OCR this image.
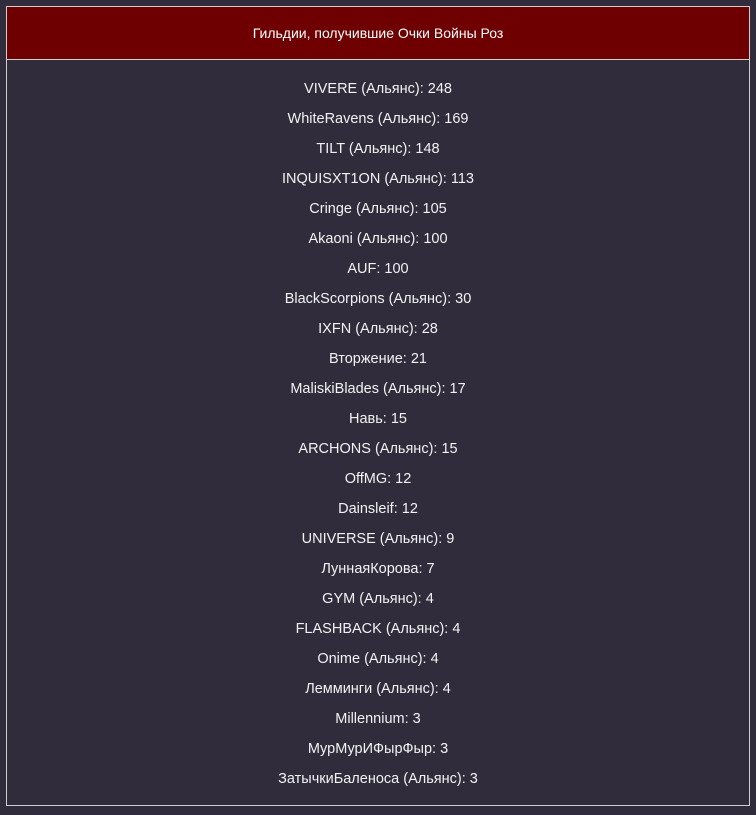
Гильдии, получившие Очки Войны Роз
VIVERE (Альянс): 248
WhiteRavens (Альянс): 169
TILT (Альянс): 148
INQUISXT1ON (Альянс): 113
Cringe (Альянс): 105
Akaoni (Альянс): 100
AUF: 100
BlackScorpions (Альянс): 30
IXFN (Альянс): 28
Вторжение: 21
MaliskiBlades (Альянс): 17
Навь: 15
ARCHONS (Альянс): 15
OffMG: 12
Dainsleif: 12
UNIVERSE (Альянс): 9
ЛуннаяКорова: 7
GYM (Альянс): 4
FLASHBACK (Альянс): 4
Onime (Альянс): 4
Лемминги (Альянс): 4
Millennium: 3
МурМурИФырФыр: 3
ЗатычкиБаленоса (Альянс): 3
